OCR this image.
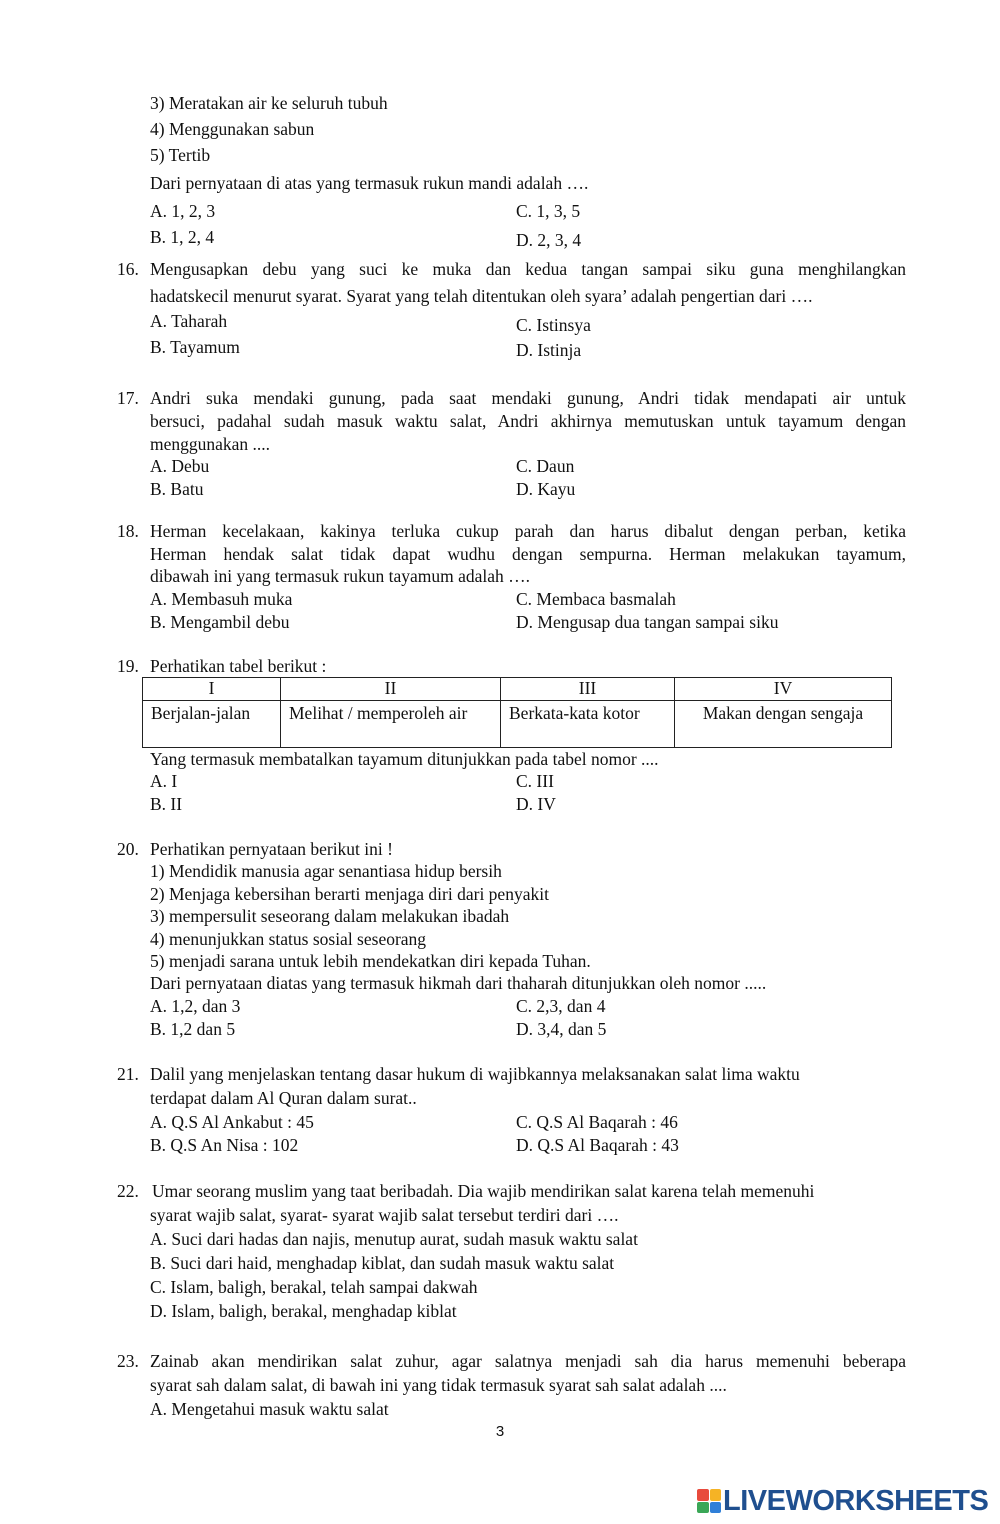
3) Meratakan air ke seluruh tubuh
4) Menggunakan sabun
5) Tertib
Dari pernyataan di atas yang termasuk rukun mandi adalah ….
A. 1, 2, 3	C. 1, 3, 5
B. 1, 2, 4	D. 2, 3, 4
16. Mengusapkan debu yang suci ke muka dan kedua tangan sampai siku guna menghilangkan
hadatskecil menurut syarat. Syarat yang telah ditentukan oleh syara’ adalah pengertian dari ….
A. Taharah	C. Istinsya
B. Tayamum	D. Istinja
17. Andri suka mendaki gunung, pada saat mendaki gunung, Andri tidak mendapati air untuk
bersuci, padahal sudah masuk waktu salat, Andri akhirnya memutuskan untuk tayamum dengan
menggunakan ....
A. Debu	C. Daun
B. Batu	D. Kayu
18. Herman kecelakaan, kakinya terluka cukup parah dan harus dibalut dengan perban, ketika
Herman hendak salat tidak dapat wudhu dengan sempurna. Herman melakukan tayamum,
dibawah ini yang termasuk rukun tayamum adalah ….
A. Membasuh muka	C. Membaca basmalah
B. Mengambil debu	D. Mengusap dua tangan sampai siku
19. Perhatikan tabel berikut :
I	II	III	IV
Berjalan-jalan	Melihat / memperoleh air	Berkata-kata kotor	Makan dengan sengaja
Yang termasuk membatalkan tayamum ditunjukkan pada tabel nomor ....
A. I	C. III
B. II	D. IV
20. Perhatikan pernyataan berikut ini !
1) Mendidik manusia agar senantiasa hidup bersih
2) Menjaga kebersihan berarti menjaga diri dari penyakit
3) mempersulit seseorang dalam melakukan ibadah
4) menunjukkan status sosial seseorang
5) menjadi sarana untuk lebih mendekatkan diri kepada Tuhan.
Dari pernyataan diatas yang termasuk hikmah dari thaharah ditunjukkan oleh nomor .....
A. 1,2, dan 3	C. 2,3, dan 4
B. 1,2 dan 5	D. 3,4, dan 5
21. Dalil yang menjelaskan tentang dasar hukum di wajibkannya melaksanakan salat lima waktu
terdapat dalam Al Quran dalam surat..
A. Q.S Al Ankabut : 45	C. Q.S Al Baqarah : 46
B. Q.S An Nisa : 102	D. Q.S Al Baqarah : 43
22. Umar seorang muslim yang taat beribadah. Dia wajib mendirikan salat karena telah memenuhi
syarat wajib salat, syarat- syarat wajib salat tersebut terdiri dari ….
A. Suci dari hadas dan najis, menutup aurat, sudah masuk waktu salat
B. Suci dari haid, menghadap kiblat, dan sudah masuk waktu salat
C. Islam, baligh, berakal, telah sampai dakwah
D. Islam, baligh, berakal, menghadap kiblat
23. Zainab akan mendirikan salat zuhur, agar salatnya menjadi sah dia harus memenuhi beberapa
syarat sah dalam salat, di bawah ini yang tidak termasuk syarat sah salat adalah ....
A. Mengetahui masuk waktu salat
3
LIVEWORKSHEETS
